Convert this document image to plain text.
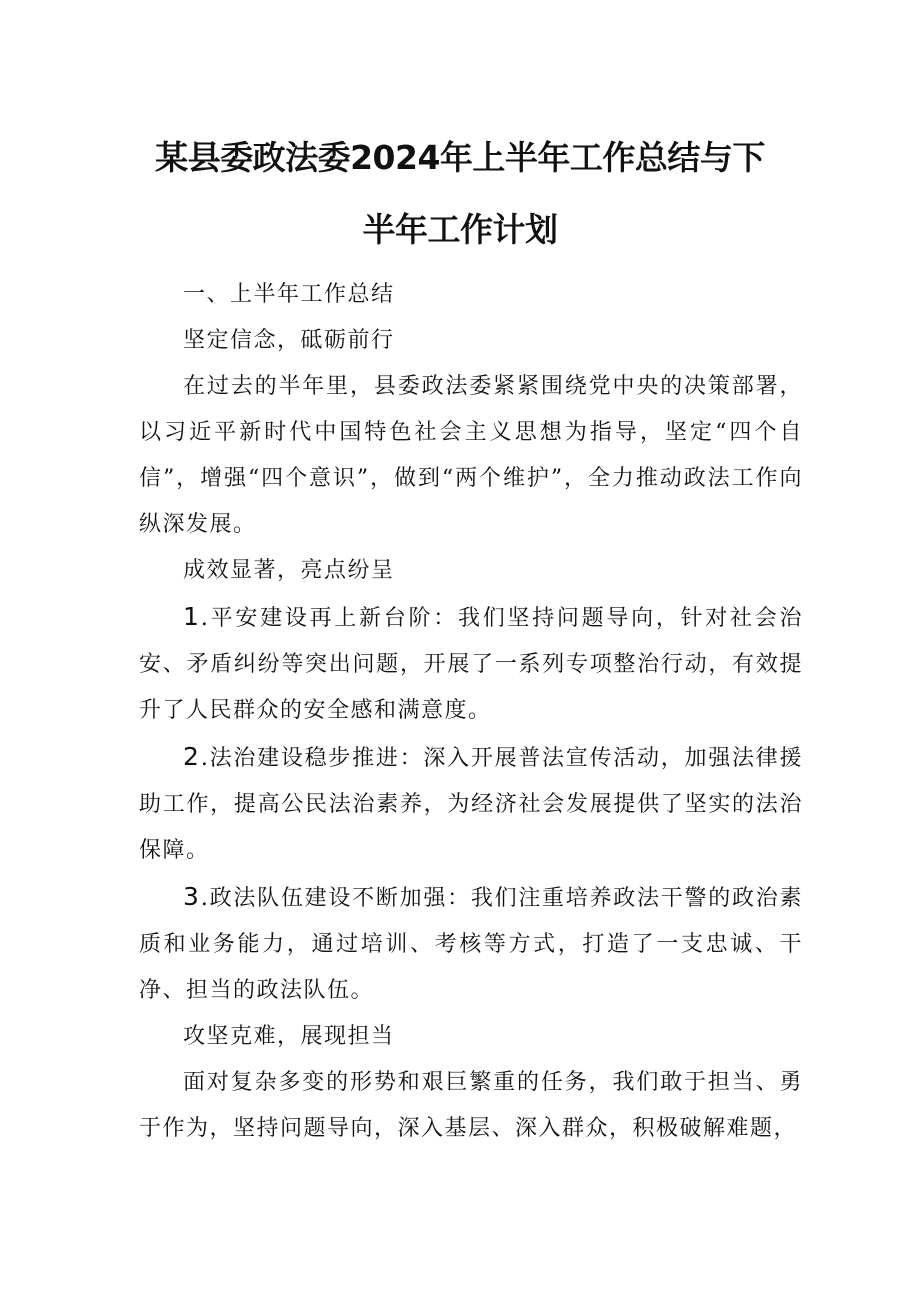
某县委政法委2024年上半年工作总结与下
半年工作计划

一、上半年工作总结

坚定信念，砥砺前行

在过去的半年里，县委政法委紧紧围绕党中央的决策部署，以习近平新时代中国特色社会主义思想为指导，坚定“四个自信”，增强“四个意识”，做到“两个维护”，全力推动政法工作向纵深发展。

成效显著，亮点纷呈

1.平安建设再上新台阶：我们坚持问题导向，针对社会治安、矛盾纠纷等突出问题，开展了一系列专项整治行动，有效提升了人民群众的安全感和满意度。

2.法治建设稳步推进：深入开展普法宣传活动，加强法律援助工作，提高公民法治素养，为经济社会发展提供了坚实的法治保障。

3.政法队伍建设不断加强：我们注重培养政法干警的政治素质和业务能力，通过培训、考核等方式，打造了一支忠诚、干净、担当的政法队伍。

攻坚克难，展现担当

面对复杂多变的形势和艰巨繁重的任务，我们敢于担当、勇于作为，坚持问题导向，深入基层、深入群众，积极破解难题，
